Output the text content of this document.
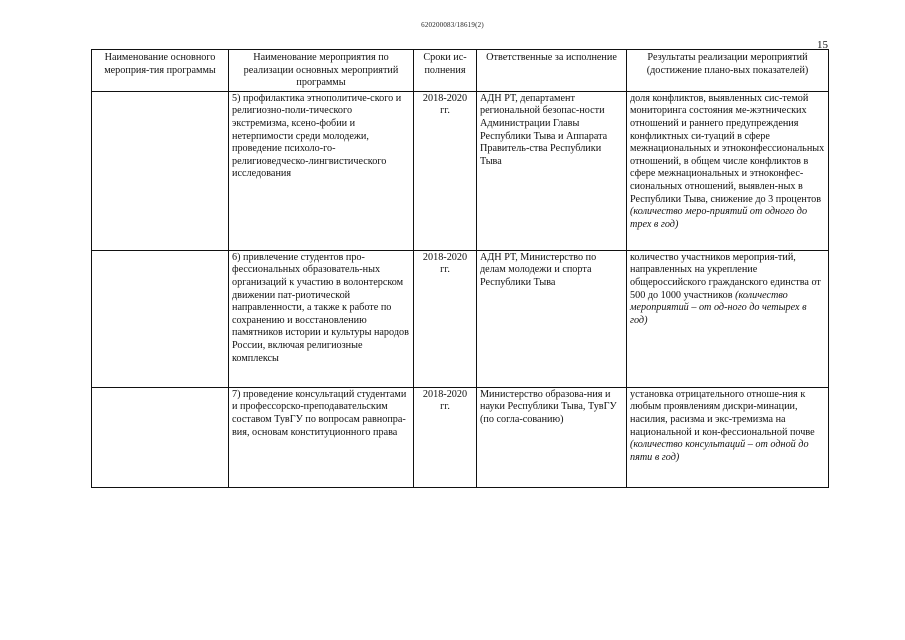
620200083/18619(2)
15
Наименование основного мероприя-тия программы	Наименование мероприятия по реализации основных мероприятий программы	Сроки ис-полнения	Ответственные за исполнение	Результаты реализации мероприятий (достижение плано-вых показателей)
	5) профилактика этнополитиче-ского и религиозно-поли-тического экстремизма, ксено-фобии и нетерпимости среди молодежи, проведение психоло-го-религиоведческо-лингвистического исследования	2018-2020 гг.	АДН РТ, департамент региональной безопас-ности Администрации Главы Республики Тыва и Аппарата Правитель-ства Республики Тыва	доля конфликтов, выявленных сис-темой мониторинга состояния ме-жэтнических отношений и раннего предупреждения конфликтных си-туаций в сфере межнациональных и этноконфессиональных отношений, в общем числе конфликтов в сфере межнациональных и этноконфес-сиональных отношений, выявлен-ных в Республики Тыва, снижение до 3 процентов (количество меро-приятий от одного до трех в год)
	6) привлечение студентов про-фессиональных образователь-ных организаций к участию в волонтерском движении пат-риотической направленности, а также к работе по сохранению и восстановлению памятников истории и культуры народов России, включая религиозные комплексы	2018-2020 гг.	АДН РТ, Министерство по делам молодежи и спорта Республики Тыва	количество участников мероприя-тий, направленных на укрепление общероссийского гражданского единства от 500 до 1000 участников (количество мероприятий – от од-ного до четырех в год)
	7) проведение консультаций студентами и профессорско-преподавательским составом ТувГУ по вопросам равнопра-вия, основам конституционного права	2018-2020 гг.	Министерство образова-ния и науки Республики Тыва, ТувГУ (по согла-сованию)	установка отрицательного отноше-ния к любым проявлениям дискри-минации, насилия, расизма и экс-тремизма на национальной и кон-фессиональной почве (количество консультаций – от одной до пяти в год)
